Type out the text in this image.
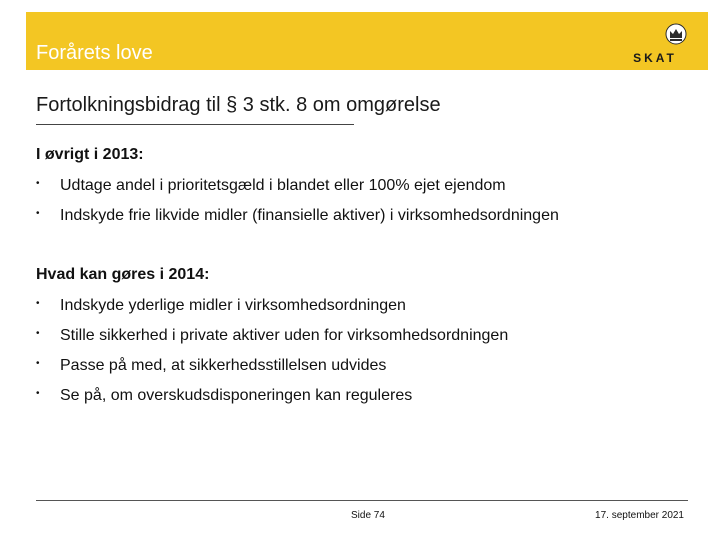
Forårets love	SKAT
Fortolkningsbidrag til § 3 stk. 8 om omgørelse
I øvrigt i 2013:
• Udtage andel i prioritetsgæld i blandet eller 100% ejet ejendom
• Indskyde frie likvide midler (finansielle aktiver) i virksomhedsordningen
Hvad kan gøres i 2014:
• Indskyde yderlige midler i virksomhedsordningen
• Stille sikkerhed i private aktiver uden for virksomhedsordningen
• Passe på med, at sikkerhedsstillelsen udvides
• Se på, om overskudsdisponeringen kan reguleres
Side 74	17. september 2021
